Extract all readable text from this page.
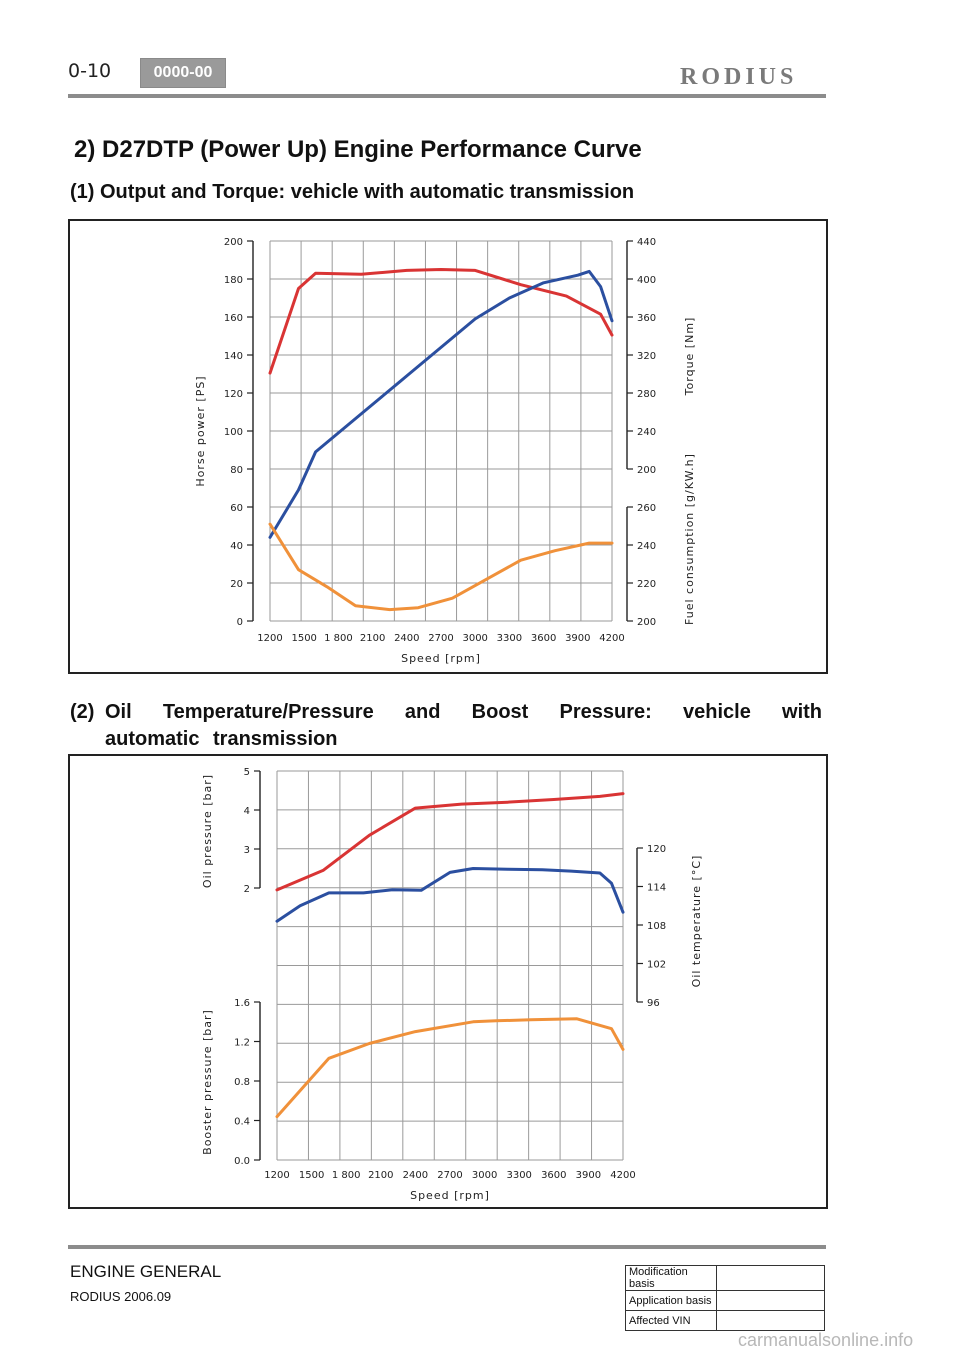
0-10	0000-00	RODIUS
2) D27DTP (Power Up) Engine Performance Curve
(1) Output and Torque: vehicle with automatic transmission
0
20
40
60
80
100
120
140
160
180
200
200
240
280
320
360
400
440
200
220
240
260
Horse power [PS]
Torque [Nm]
Fuel consumption [g/KW.h]
1200 1500 1 800 2100 2400 2700 3000 3300 3600 3900 4200
Speed [rpm]
(2) Oil Temperature/Pressure and Boost Pressure: vehicle with automatic transmission
2
3
4
5
0.0
0.4
0.8
1.2
1.6	96
102
108
114
120
Oil pressure [bar]
Booster pressure [bar]
Oil temperature [°C]
1200 1500 1 800 2100 2400 2700 3000 3300 3600 3900 4200
Speed [rpm]
ENGINE GENERAL
RODIUS 2006.09
Modification basis	
Application basis	
Affected VIN	
carmanualsonline.info
